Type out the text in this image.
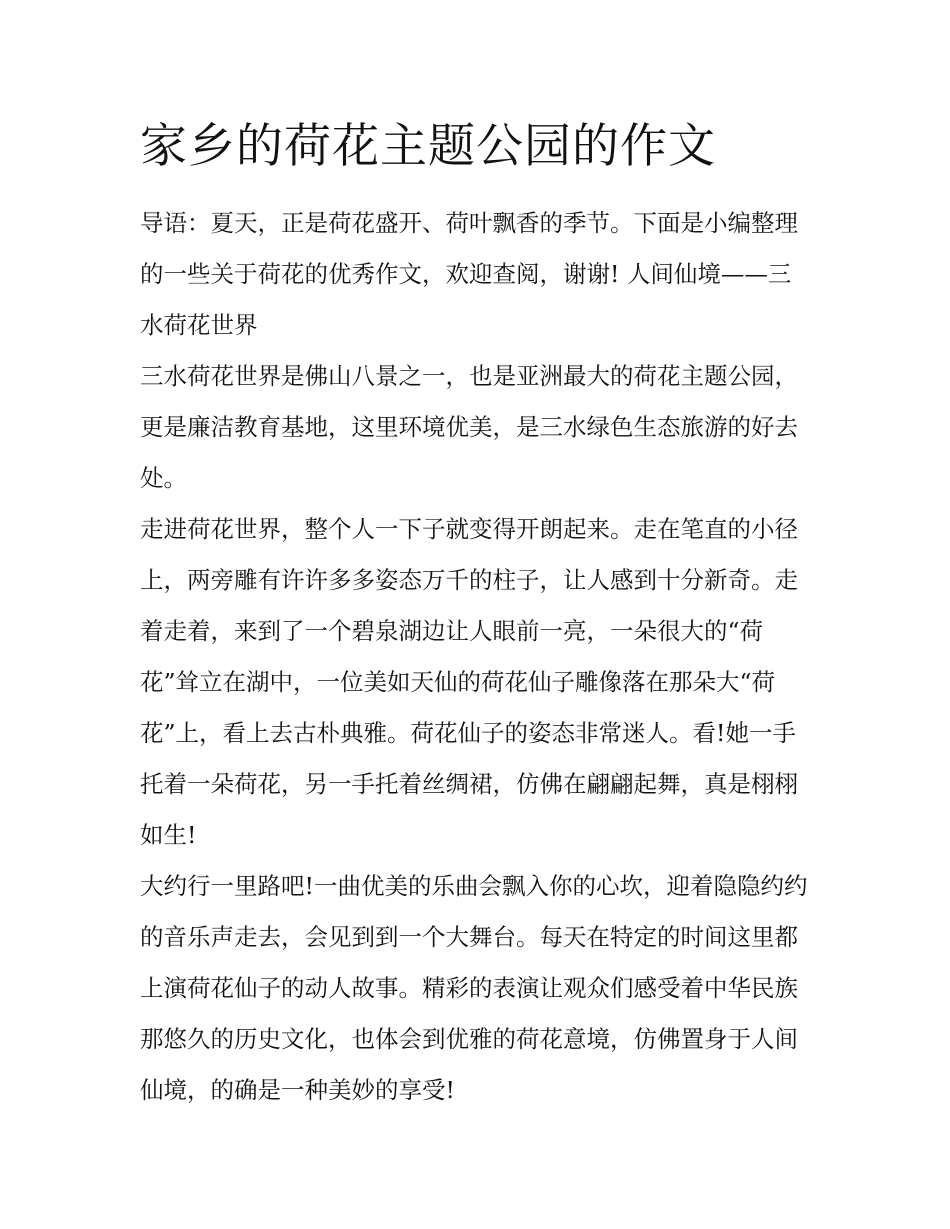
家乡的荷花主题公园的作文

导语：夏天，正是荷花盛开、荷叶飘香的季节。下面是小编整理的一些关于荷花的优秀作文，欢迎查阅，谢谢! 人间仙境——三水荷花世界

三水荷花世界是佛山八景之一，也是亚洲最大的荷花主题公园，更是廉洁教育基地，这里环境优美，是三水绿色生态旅游的好去处。

走进荷花世界，整个人一下子就变得开朗起来。走在笔直的小径上，两旁雕有许许多多姿态万千的柱子，让人感到十分新奇。走着走着，来到了一个碧泉湖边让人眼前一亮，一朵很大的“荷花”耸立在湖中，一位美如天仙的荷花仙子雕像落在那朵大“荷花”上，看上去古朴典雅。荷花仙子的姿态非常迷人。看!她一手托着一朵荷花，另一手托着丝绸裙，仿佛在翩翩起舞，真是栩栩如生!

大约行一里路吧!一曲优美的乐曲会飘入你的心坎，迎着隐隐约约的音乐声走去，会见到到一个大舞台。每天在特定的时间这里都上演荷花仙子的动人故事。精彩的表演让观众们感受着中华民族那悠久的历史文化，也体会到优雅的荷花意境，仿佛置身于人间仙境，的确是一种美妙的享受!
